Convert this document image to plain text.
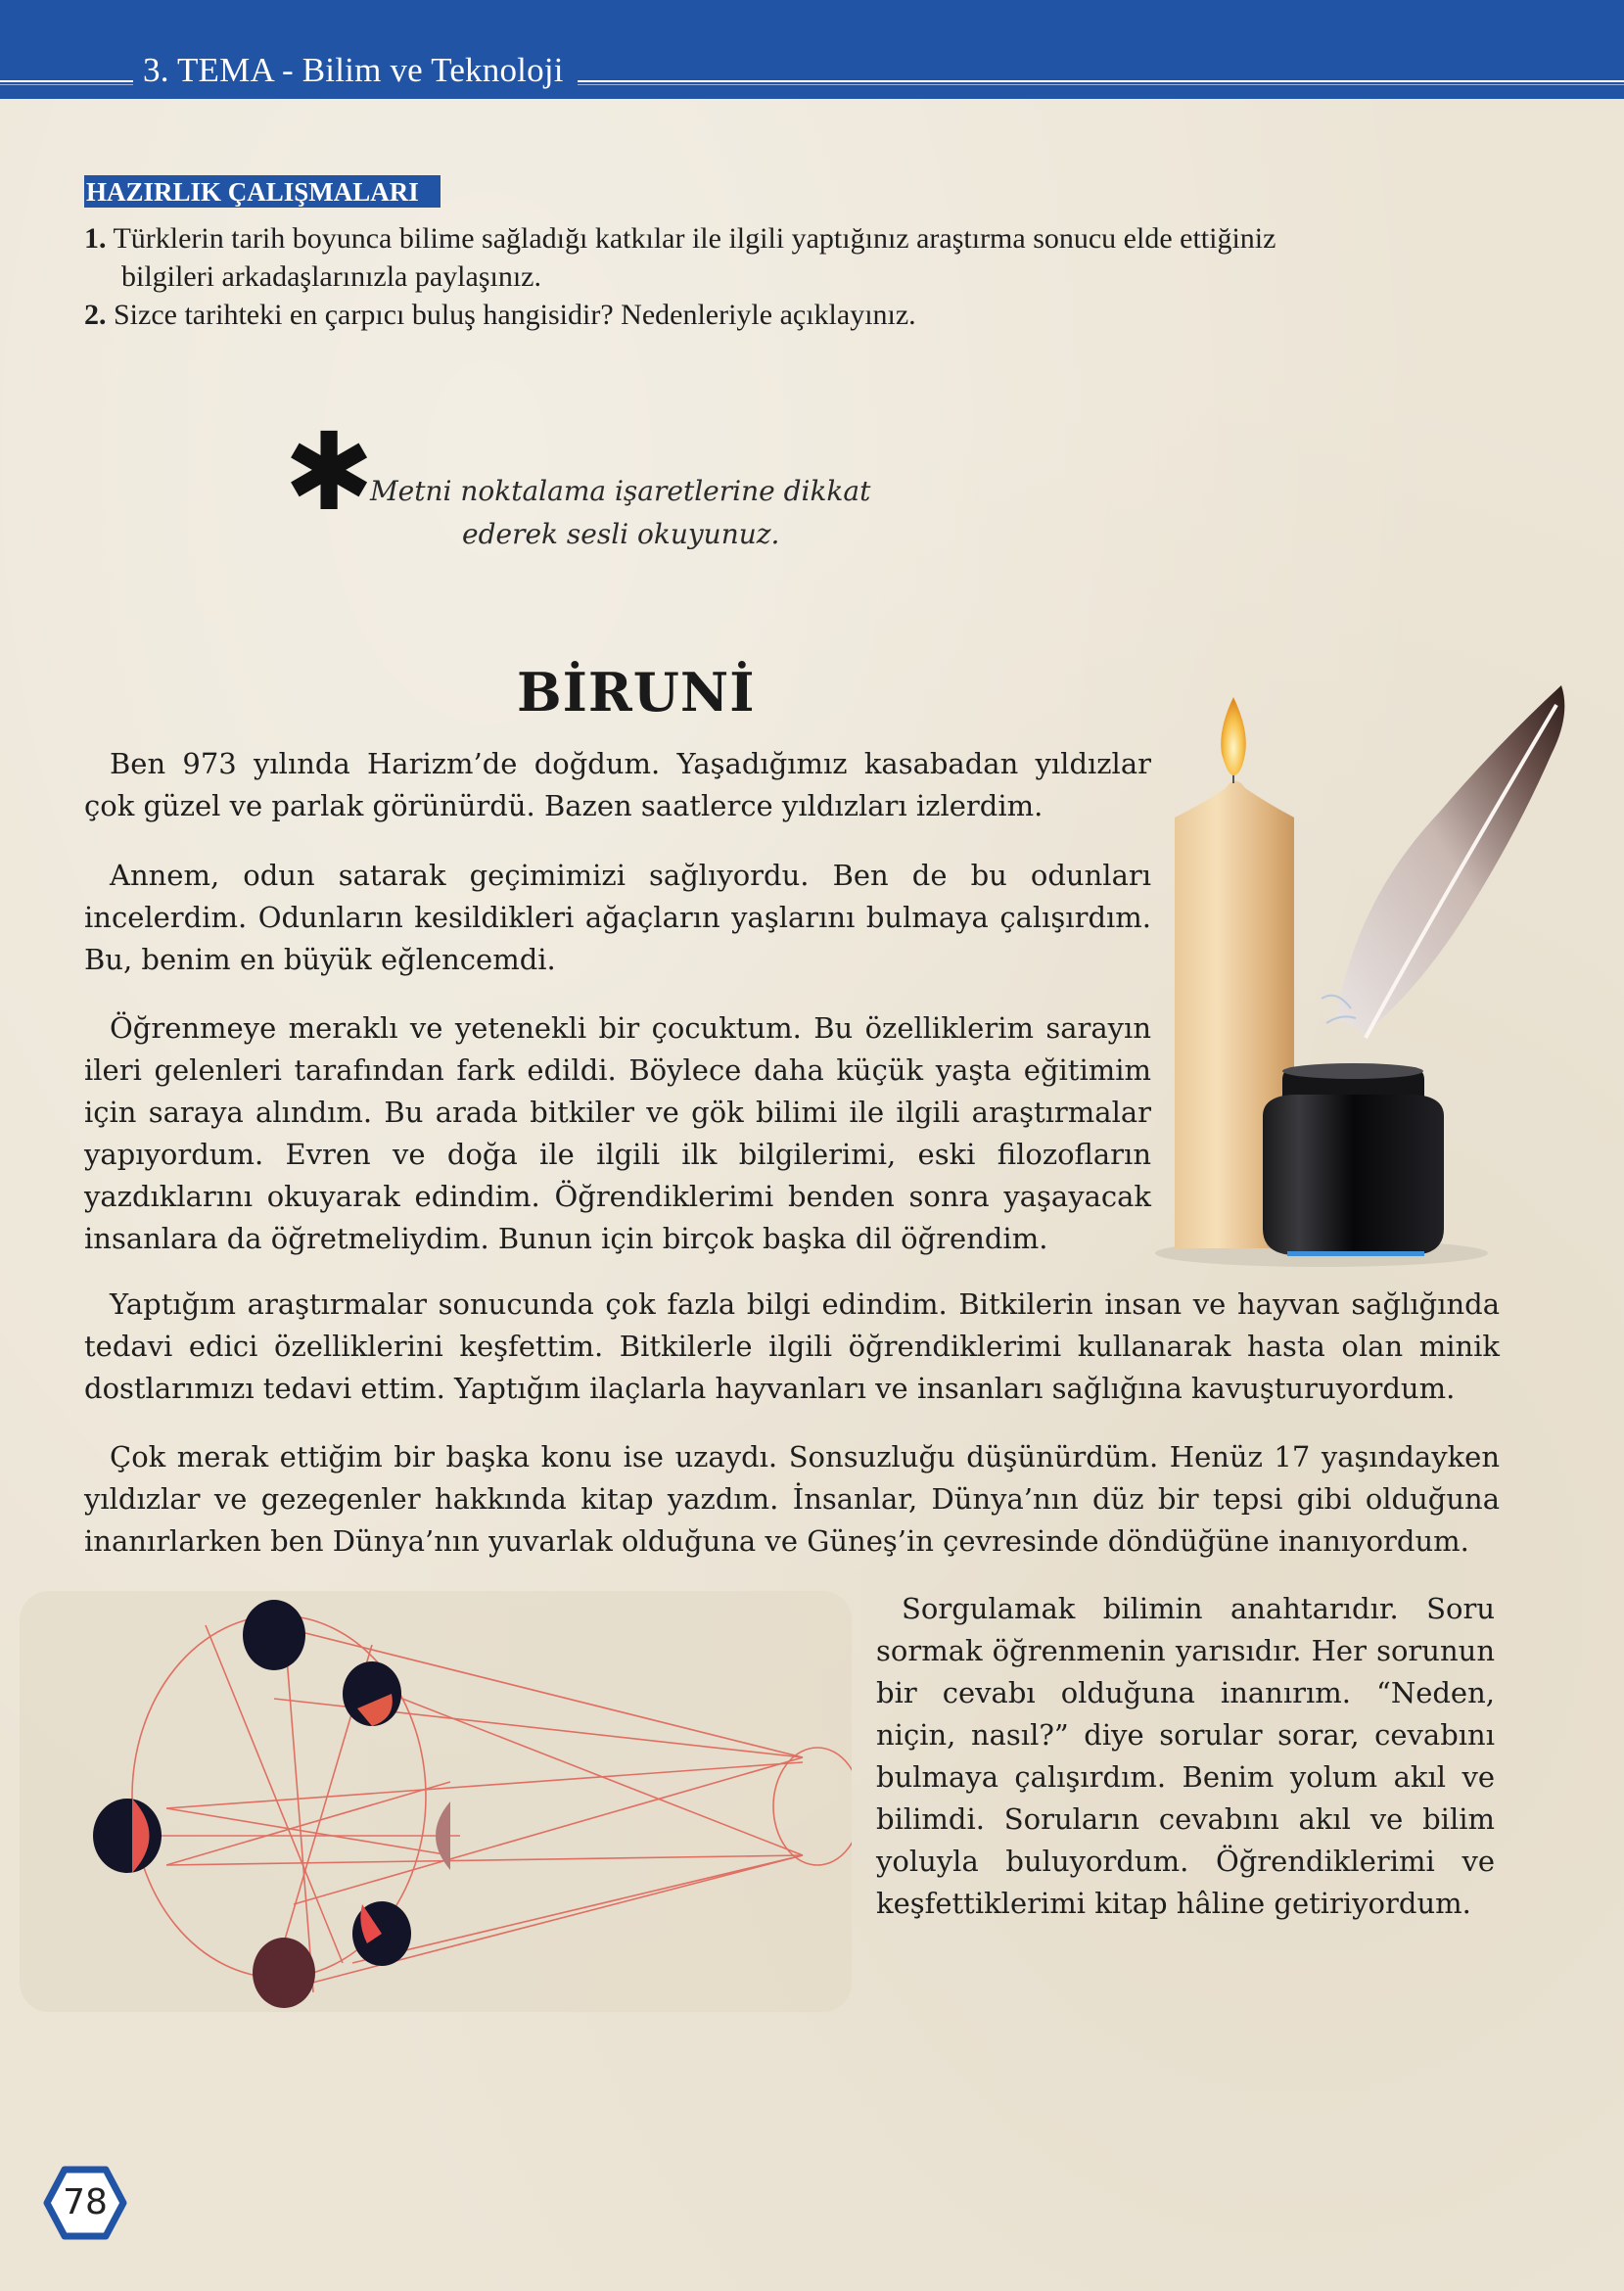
3. TEMA - Bilim ve Teknoloji
HAZIRLIK ÇALIŞMALARI
1. Türklerin tarih boyunca bilime sağladığı katkılar ile ilgili yaptığınız araştırma sonucu elde ettiğiniz
bilgileri arkadaşlarınızla paylaşınız.
2. Sizce tarihteki en çarpıcı buluş hangisidir? Nedenleriyle açıklayınız.
✱
Metni noktalama işaretlerine dikkat
ederek sesli okuyunuz.
BİRUNİ

Ben 973 yılında Harizm’de doğdum. Yaşadığımız kasabadan yıldızlar çok güzel ve parlak görünürdü. Bazen saatlerce yıldızları izlerdim.

Annem, odun satarak geçimimizi sağlıyordu. Ben de bu odunları incelerdim. Odunların kesildikleri ağaçların yaşlarını bulmaya çalışırdım. Bu, benim en büyük eğlencemdi.

Öğrenmeye meraklı ve yetenekli bir çocuktum. Bu özelliklerim sarayın ileri gelenleri tarafından fark edildi. Böylece daha küçük yaşta eğitimim için saraya alındım. Bu arada bitkiler ve gök bilimi ile ilgili araştırmalar yapıyordum. Evren ve doğa ile ilgili ilk bilgilerimi, eski filozofların yazdıklarını okuyarak edindim. Öğrendiklerimi benden sonra yaşayacak insanlara da öğretmeliydim. Bunun için birçok başka dil öğrendim.

Yaptığım araştırmalar sonucunda çok fazla bilgi edindim. Bitkilerin insan ve hayvan sağlığında tedavi edici özelliklerini keşfettim. Bitkilerle ilgili öğrendiklerimi kullanarak hasta olan minik dostlarımızı tedavi ettim. Yaptığım ilaçlarla hayvanları ve insanları sağlığına kavuşturuyordum.

Çok merak ettiğim bir başka konu ise uzaydı. Sonsuzluğu düşünürdüm. Henüz 17 yaşındayken yıldızlar ve gezegenler hakkında kitap yazdım. İnsanlar, Dünya’nın düz bir tepsi gibi olduğuna inanırlarken ben Dünya’nın yuvarlak olduğuna ve Güneş’in çevresinde döndüğüne inanıyordum.

Sorgulamak bilimin anahtarıdır. Soru sormak öğrenmenin yarısıdır. Her sorunun bir cevabı olduğuna inanırım. “Neden, niçin, nasıl?” diye sorular sorar, cevabını bulmaya çalışırdım. Benim yolum akıl ve bilimdi. Soruların cevabını akıl ve bilim yoluyla buluyordum. Öğrendiklerimi ve keşfettiklerimi kitap hâline getiriyordum.

78
